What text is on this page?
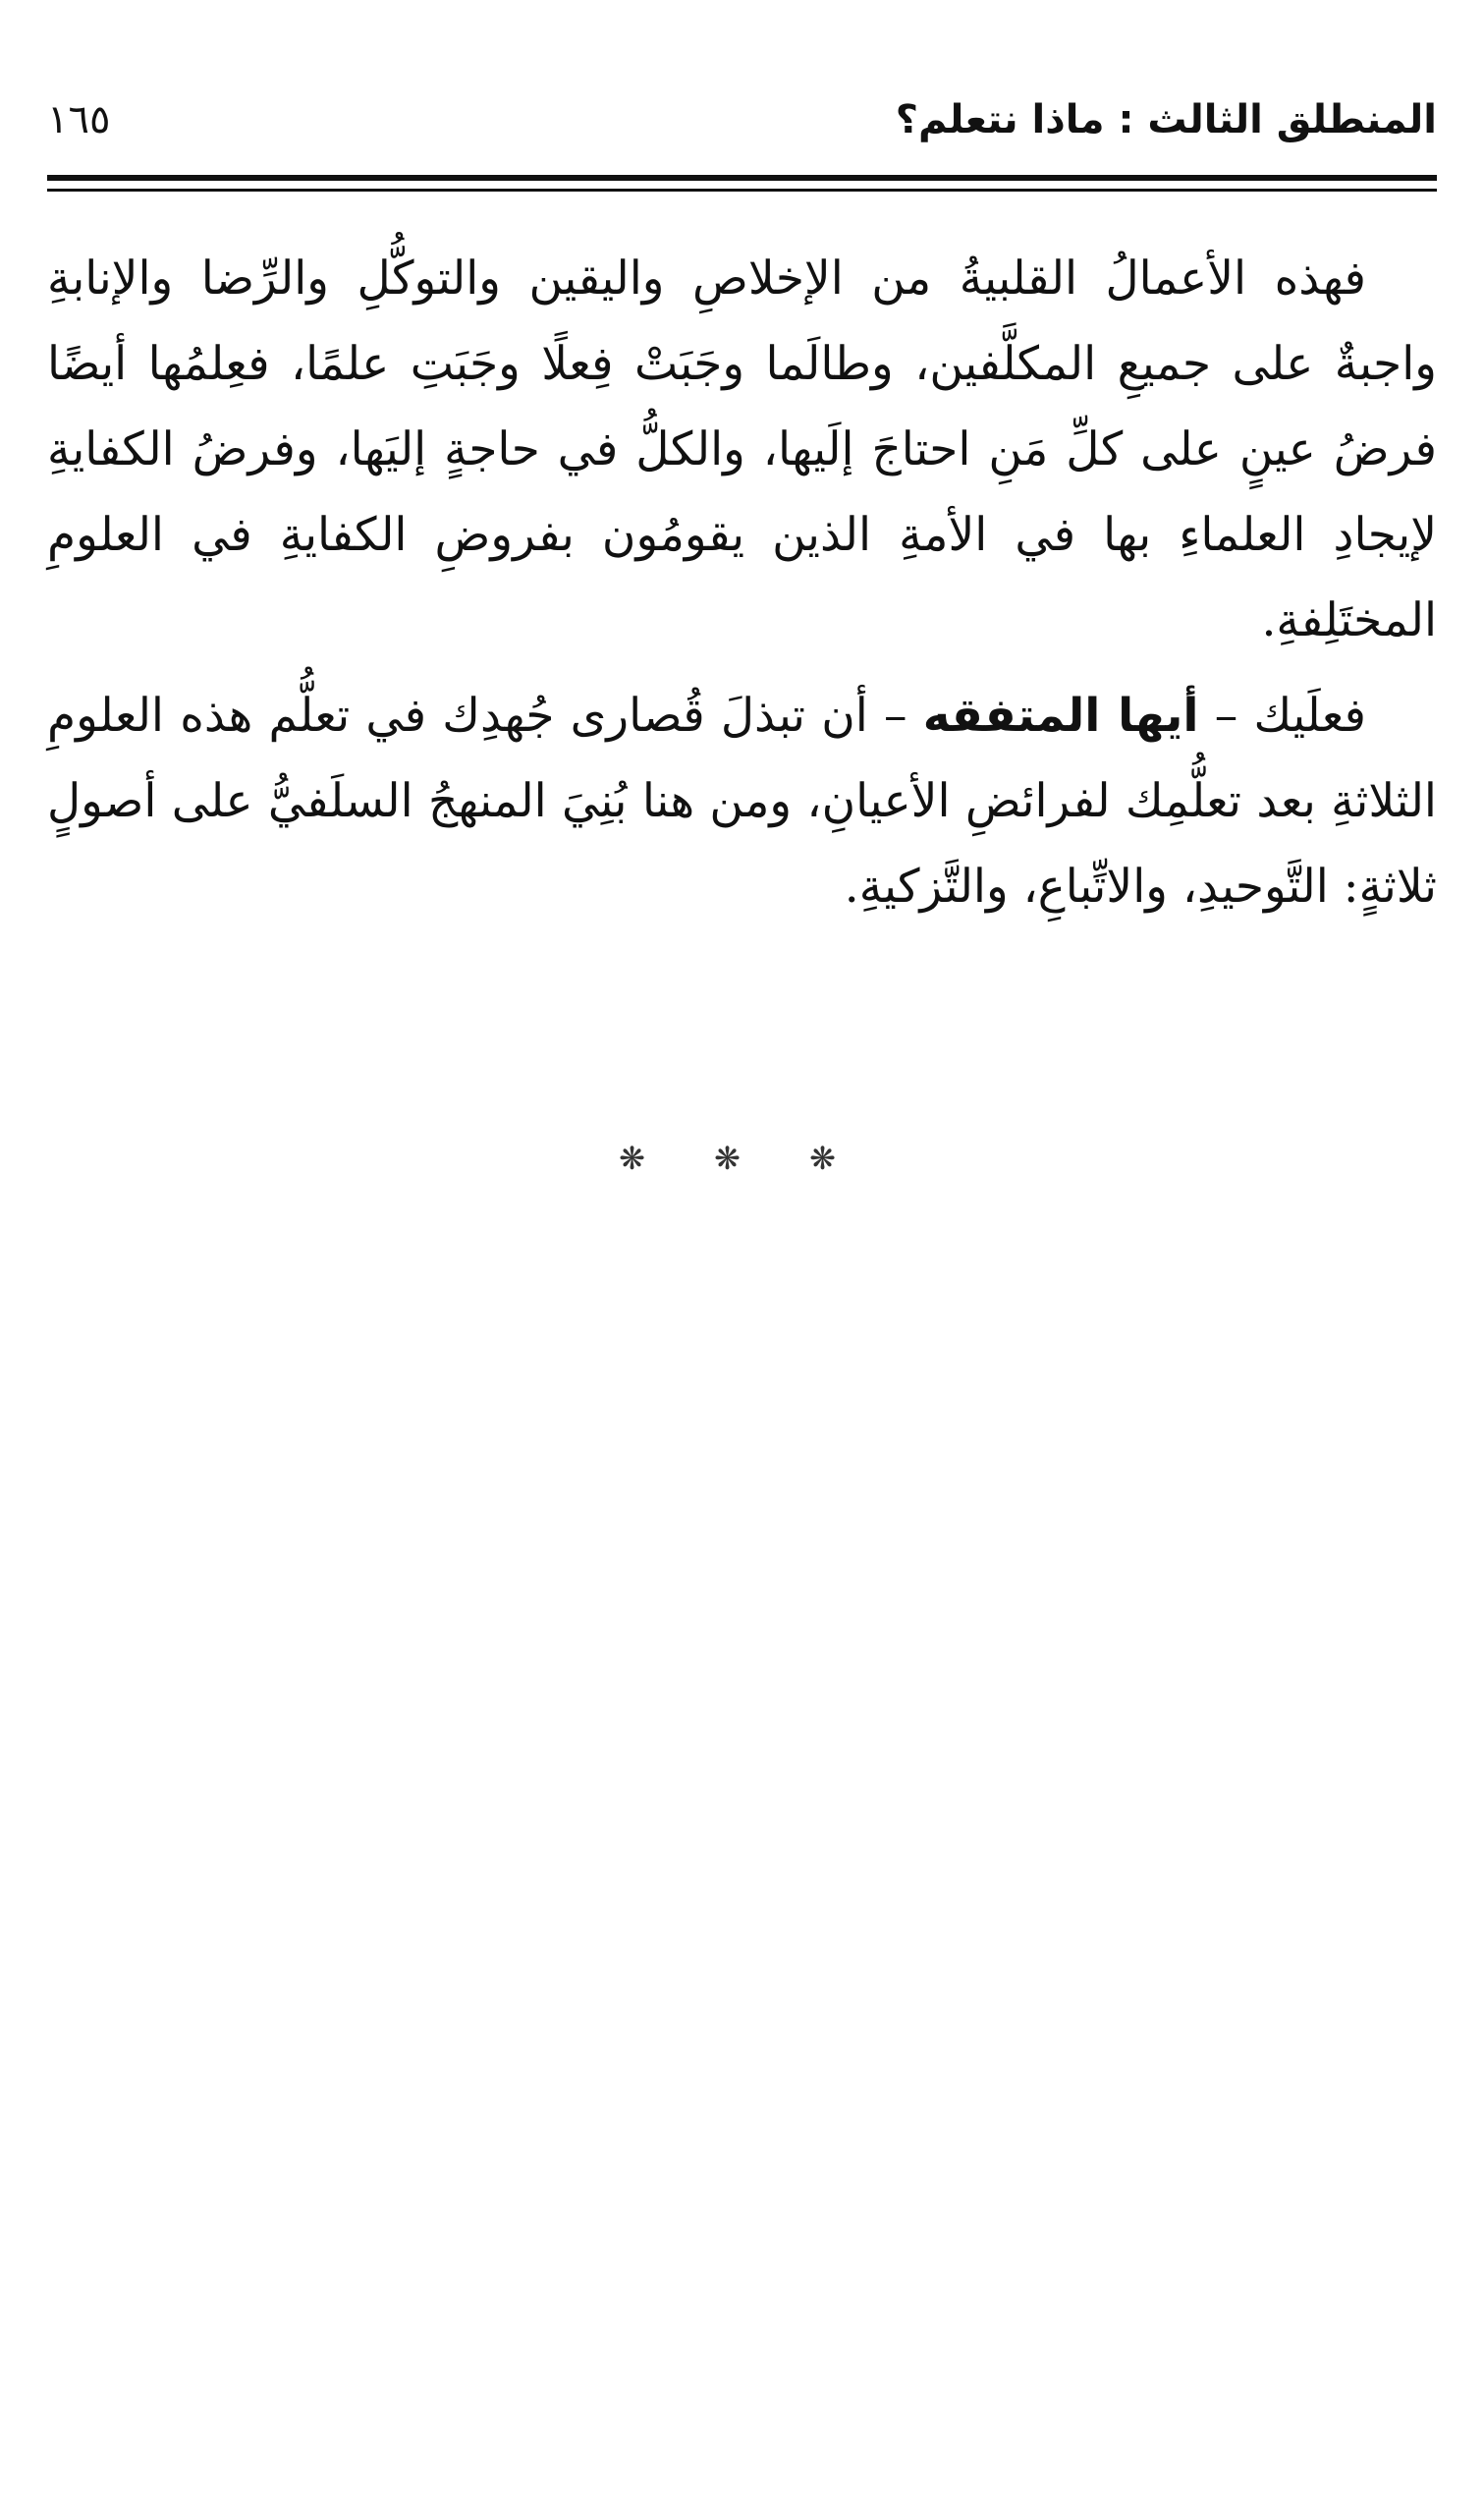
المنطلق الثالث : ماذا نتعلم؟
١٦٥

فهذه الأعمالُ القلبيةُ من الإخلاصِ واليقين والتوكُّلِ والرِّضا والإنابةِ واجبةٌ على جميعِ المكلَّفين، وطالَما وجَبَتْ فِعلًا وجَبَتِ علمًا، فعِلمُها أيضًا فرضُ عينٍ على كلِّ مَنِ احتاجَ إلَيها، والكلُّ في حاجةٍ إليَها، وفرضُ الكفايةِ لإيجادِ العلماءِ بها في الأمةِ الذين يقومُون بفروضِ الكفايةِ في العلومِ المختَلِفةِ.

فعلَيك – أيها المتفقه – أن تبذلَ قُصارى جُهدِك في تعلُّم هذه العلومِ الثلاثةِ بعد تعلُّمِك لفرائضِ الأعيانِ، ومن هنا بُنِيَ المنهجُ السلَفيُّ على أصولٍ ثلاثةٍ: التَّوحيدِ، والاتِّباعِ، والتَّزكيةِ.

❋ ❋ ❋
